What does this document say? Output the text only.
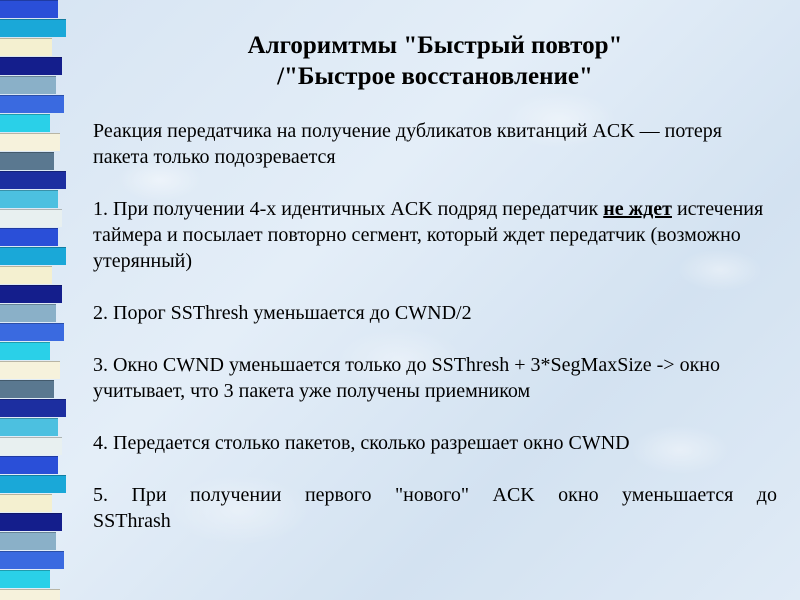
Алгоримтмы "Быстрый повтор"
/"Быстрое восстановление"

Реакция передатчика на получение дубликатов квитанций ACK — потеря пакета только подозревается

1. При получении 4-х идентичных ACK подряд передатчик не ждет истечения таймера и посылает повторно сегмент, который ждет передатчик (возможно утерянный)

2. Порог SSThresh уменьшается до CWND/2

3. Окно CWND уменьшается только до SSThresh + 3*SegMaxSize -> окно учитывает, что 3 пакета уже получены приемником

4. Передается столько пакетов, сколько разрешает окно CWND

5. При получении первого "нового" ACK окно уменьшается до

SSThrash
